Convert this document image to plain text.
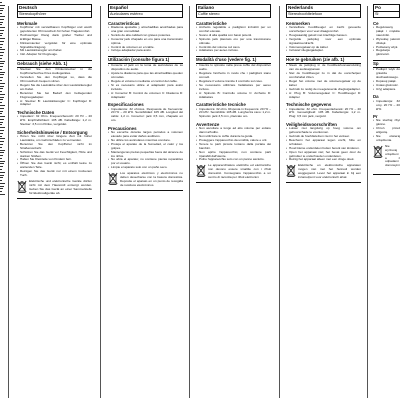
Deutsch
Stereokopfhörer
Merkmale
• Kopfhörer mit verstellbarem Kopfbügel und weich gepolsterten Ohrmuscheln für hohen Tragekomfort.
• Hochwertiger Klang dank großer Treiber und kräftiger Bässe.
• Klinkenstecker vergoldet für eine optimale Signalübertragung.
• Mit Lautstärkeregler am Kabel.
• Inkl. Adapter für Flugzeuge.
Gebrauch (siehe Abb. 1)
• Stecken Sie den Klinkenstecker in die Kopfhörerbuchse Ihres Audiogerätes.
• Verstellen Sie den Kopfbügel so, dass die Ohrmuscheln bequem sitzen.
• Regeln Sie die Lautstärke über den Lautstärkeregler am Kabel.
• Benutzen Sie bei Bedarf den beiliegenden Flugzeugadapter.
• A: Stecker B: Lautstärkeregler C: Kopfbügel D: Adapter
Technische Daten
• Impedanz: 32 Ohm. Frequenzbereich: 20 Hz – 20 kHz. Empfindlichkeit: 105 dB. Kabellänge: 1,2 m. Stecker: 3,5 mm Klinke, vergoldet.
Sicherheitshinweise / Entsorgung
• Hören Sie nicht über längere Zeit mit hoher Lautstärke, um Gehörschäden zu vermeiden.
• Benutzen Sie den Kopfhörer nicht im Straßenverkehr.
• Schützen Sie das Gerät vor Feuchtigkeit, Hitze und starken Stößen.
• Halten Sie Kleinteile von Kindern fern.
• Öffnen Sie das Gerät nicht; es enthält keine zu wartenden Teile.
• Reinigen Sie das Gerät nur mit einem trockenen Tuch.
Elektrische und elektronische Geräte dürfen nicht mit dem Hausmüll entsorgt werden. Geben Sie das Gerät an einer Sammelstelle für Elektroaltgeräte ab.
Español
Auriculares estéreo
Características
• Diadema ajustable y almohadillas acolchadas para una gran comodidad.
• Sonido de alta calidad con graves potentes.
• Conector jack chapado en oro para una transmisión óptima.
• Control de volumen en el cable.
• Incluye adaptador para avión.
Utilización (consulte figura 1)
• Conecte el jack en la toma de auriculares de su dispositivo de audio.
• Ajuste la diadema para que las almohadillas queden cómodas.
• Regule el volumen mediante el control del cable.
• Si es necesario utilice el adaptador para avión incluido.
• A: Conector B: Control de volumen C: Diadema D: Adaptador
Especificaciones
• Impedancia: 32 ohmios. Respuesta de frecuencia: 20 Hz – 20 kHz. Sensibilidad: 105 dB. Longitud del cable: 1,2 m. Conector: jack 3,5 mm, chapado en oro.
Precauciones
• No escuche durante largos periodos a volumen elevado para evitar daños auditivos.
• No utilice los auriculares mientras conduce.
• Proteja el aparato de la humedad, el calor y los golpes.
• Mantenga las piezas pequeñas fuera del alcance de los niños.
• No abra el aparato; no contiene piezas reparables por el usuario.
• Limpie el aparato solo con un paño seco.
Los aparatos eléctricos y electrónicos no deben desecharse con la basura doméstica. Deposite el aparato en un punto de recogida de residuos electrónicos.
Italiano
Cuffie stereo
Caratteristiche
• Archetto regolabile e padiglioni imbottiti per un comfort elevato.
• Suono di alta qualità con bassi potenti.
• Spinotto jack placcato oro per una trasmissione ottimale.
• Controllo del volume sul cavo.
• Adattatore per aereo incluso.
Modalità d'uso (vedere fig. 1)
• Inserire lo spinotto nella presa cuffie del dispositivo audio.
• Regolare l'archetto in modo che i padiglioni siano comodi.
• Regolare il volume tramite il controllo sul cavo.
• Se necessario utilizzare l'adattatore per aereo incluso.
• A: Spinotto B: Controllo volume C: Archetto D: Adattatore
Caratteristiche tecniche
• Impedenza: 32 ohm. Risposta in frequenza: 20 Hz – 20 kHz. Sensibilità: 105 dB. Lunghezza cavo: 1,2 m. Spinotto: jack 3,5 mm, placcato oro.
Avvertenze
• Non ascoltare a lungo ad alto volume per evitare danni all'udito.
• Non utilizzare le cuffie durante la guida.
• Proteggere l'apparecchio da umidità, calore e urti.
• Tenere le parti piccole lontano dalla portata dei bambini.
• Non aprire l'apparecchio; non contiene parti riparabili dall'utente.
• Pulire l'apparecchio solo con un panno asciutto.
Le apparecchiature elettriche ed elettroniche non devono essere smaltite con i rifiuti domestici. Consegnare l'apparecchio a un centro di raccolta per rifiuti elettronici.
Nederlands
Stereohoofdtelefoon
Kenmerken
• Verstelbare hoofdbeugel en zacht gevoerde oorschelpen voor veel draagcomfort.
• Hoogwaardig geluid met krachtige bassen.
• Vergulde jackplug voor een optimale signaaloverdracht.
• Volumeregelaar op de kabel.
• Inclusief vliegtuigadapter.
Hoe te gebruiken (zie afb. 1)
• Steek de jackplug in de hoofdtelefoonaansluiting van uw audioapparaat.
• Stel de hoofdbeugel zo in dat de oorschelpen comfortabel zitten.
• Regel het volume met de volumeregelaar op de kabel.
• Gebruik zo nodig de meegeleverde vliegtuigadapter.
• A: Plug B: Volumeregelaar C: Hoofdbeugel D: Adapter
Technische gegevens
• Impedantie: 32 ohm. Frequentiebereik: 20 Hz – 20 kHz. Gevoeligheid: 105 dB. Kabellengte: 1,2 m. Plug: 3,5 mm jack, verguld.
Veiligheidsvoorschriften
• Luister niet langdurig op hoog volume om gehoorschade te voorkomen.
• Gebruik de hoofdtelefoon niet in het verkeer.
• Bescherm het apparaat tegen vocht, hitte en schokken.
• Houd kleine onderdelen buiten bereik van kinderen.
• Open het apparaat niet; het bevat geen door de gebruiker te onderhouden onderdelen.
• Reinig het apparaat alleen met een droge doek.
Elektrische en elektronische apparaten mogen niet met het huisvuil worden weggegooid. Lever het apparaat in bij een inzamelpunt voor elektronisch afval.
Po
Sł
Ce
• Regulowany pałąk i miękkie nauszniki.
• Wysokiej jakości dźwięk.
• Pozłacany wtyk.
• Regulacja głośności.
Sp
• Podłącz wtyk do gniazda słuchawkowego.
• Dopasuj pałąk.
• Ustaw głośność.
• Użyj adaptera.
Da
• Impedancja: 32 omy. 20 Hz – 20 kHz.
Pr
• Nie słuchaj zbyt głośno.
• Chroń przed wilgocią.
• Nie otwieraj urządzenia.
Nie wyrzucaj urządzenia z odpadami domowymi.
